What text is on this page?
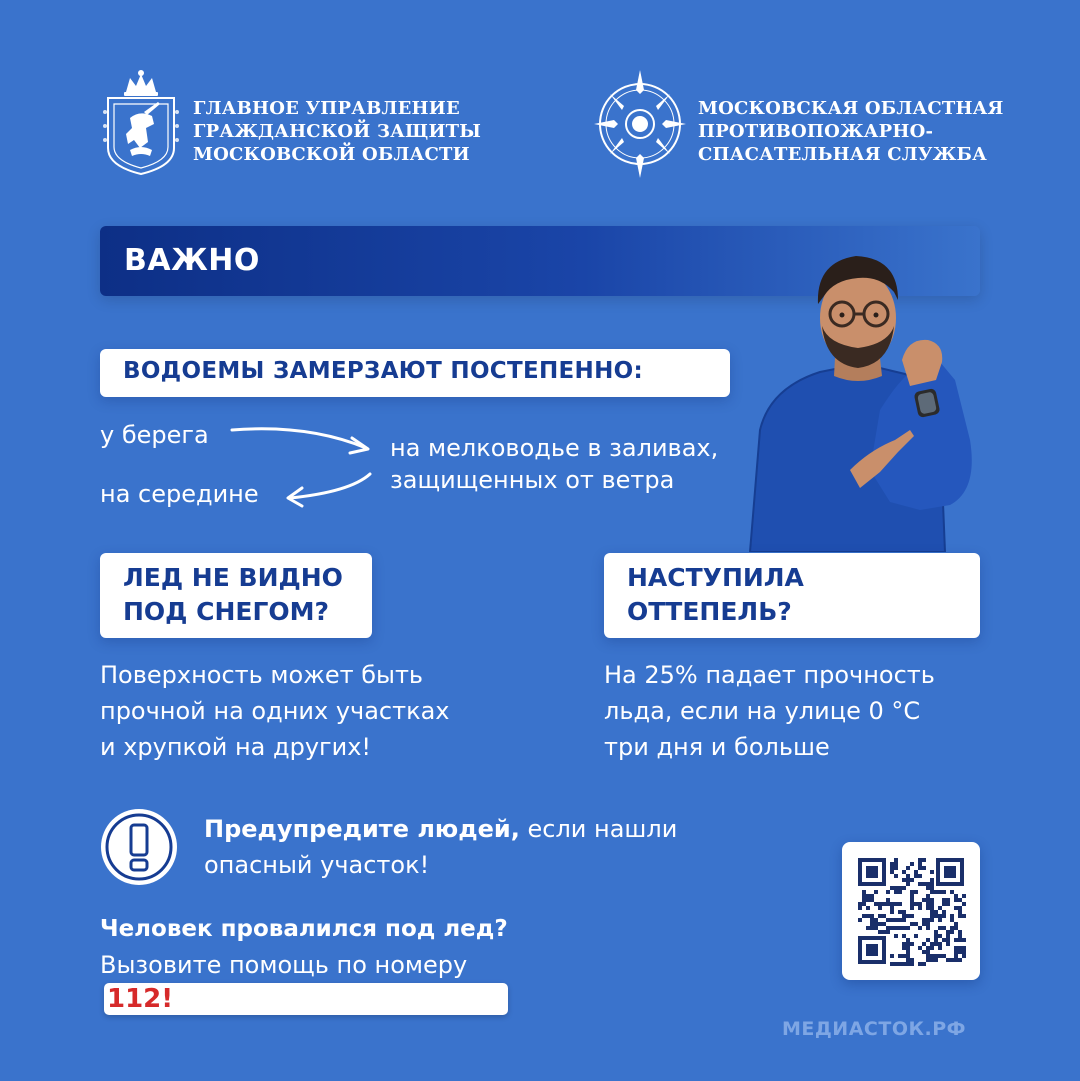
ГЛАВНОЕ УПРАВЛЕНИЕ
ГРАЖДАНСКОЙ ЗАЩИТЫ
МОСКОВСКОЙ ОБЛАСТИ
МОСКОВСКАЯ ОБЛАСТНАЯ
ПРОТИВОПОЖАРНО-
СПАСАТЕЛЬНАЯ СЛУЖБА
ВАЖНО
ВОДОЕМЫ ЗАМЕРЗАЮТ ПОСТЕПЕННО:
у берега	на мелководье в заливах,
защищенных от ветра
на середине
ЛЕД НЕ ВИДНО
ПОД СНЕГОМ?
Поверхность может быть
прочной на одних участках
и хрупкой на других!
НАСТУПИЛА
ОТТЕПЕЛЬ?
На 25% падает прочность
льда, если на улице 0 °С
три дня и больше
Предупредите людей, если нашли
опасный участок!
Человек провалился под лед?
Вызовите помощь по номеру
112!
МЕДИАСТОК.РФ
